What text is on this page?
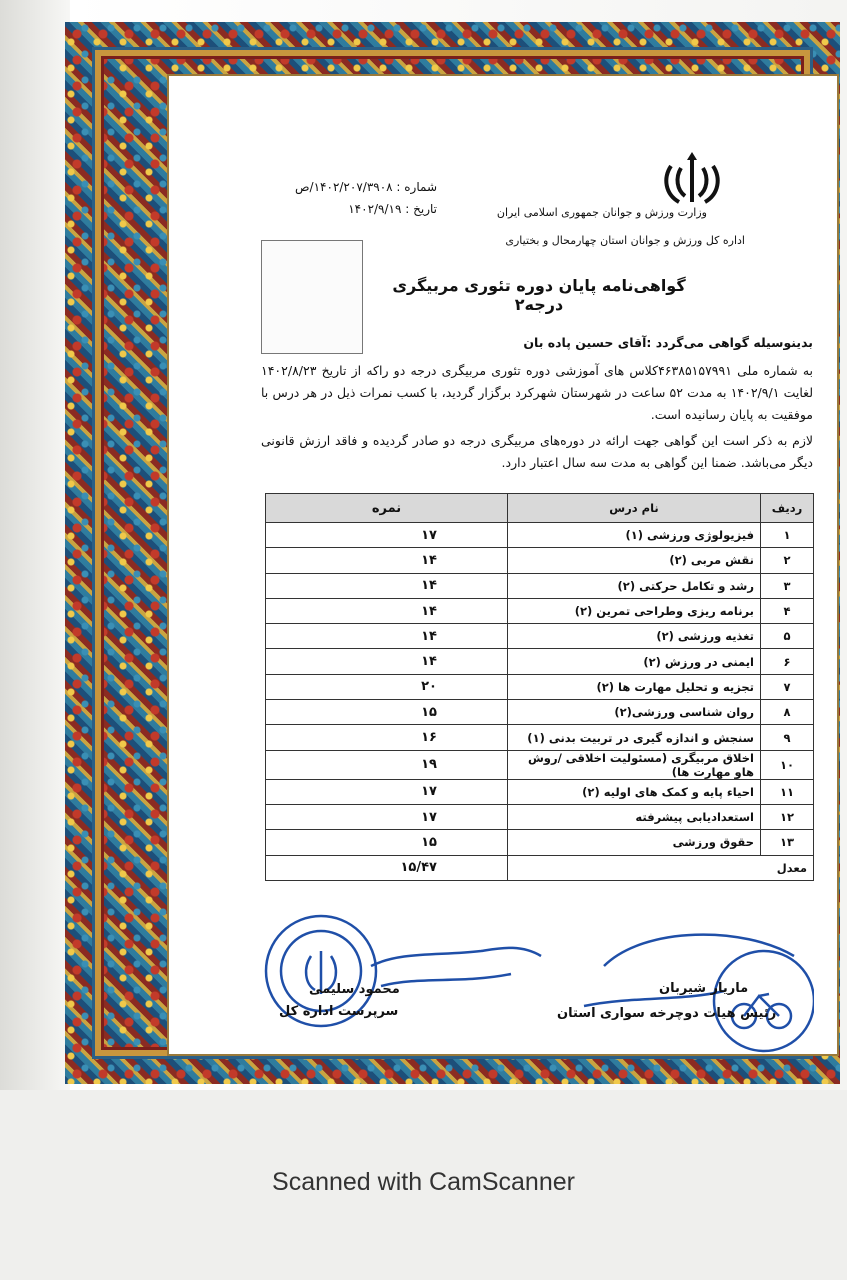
وزارت ورزش و جوانان جمهوری اسلامی ایران
اداره کل ورزش و جوانان استان چهارمحال و بختیاری
شماره : ۱۴۰۲/۲۰۷/۳۹۰۸/ص
تاریخ : ۱۴۰۲/۹/۱۹
گواهی‌نامه پایان دوره تئوری مربیگری درجه۲
بدینوسیله گواهی می‌گردد :آقای حسین پاده بان
به شماره ملی ۴۶۳۸۵۱۵۷۹۹۱کلاس های آموزشی دوره تئوری مربیگری درجه دو راکه از تاریخ ۱۴۰۲/۸/۲۳ لغایت ۱۴۰۲/۹/۱ به مدت ۵۲ ساعت در شهرستان شهرکرد برگزار گردید، با کسب نمرات ذیل در هر درس با موفقیت به پایان رسانیده است.
لازم به ذکر است این گواهی جهت ارائه در دوره‌های مربیگری درجه دو صادر گردیده و فاقد ارزش قانونی دیگر می‌باشد. ضمنا این گواهی به مدت سه سال اعتبار دارد.
ردیف	نام درس	نمره
۱	فیزیولوژی ورزشی (۱)	۱۷
۲	نقش مربی (۲)	۱۴
۳	رشد و تکامل حرکتی (۲)	۱۴
۴	برنامه ریزی وطراحی تمرین (۲)	۱۴
۵	تغذیه ورزشی (۲)	۱۴
۶	ایمنی در ورزش (۲)	۱۴
۷	تجزیه و تحلیل مهارت ها (۲)	۲۰
۸	روان شناسی ورزشی(۲)	۱۵
۹	سنجش و اندازه گیری در تربیت بدنی (۱)	۱۶
۱۰	اخلاق مربیگری (مسئولیت اخلاقی /روش هاو مهارت ها)	۱۹
۱۱	احیاء پایه و کمک های اولیه (۲)	۱۷
۱۲	استعدادیابی پیشرفته	۱۷
۱۳	حقوق ورزشی	۱۵
معدل		۱۵/۴۷
محمود سلیمی
سرپرست اداره کل
ماریار شیربان
رئیس هیات دوچرخه سواری استان
Scanned with CamScanner
